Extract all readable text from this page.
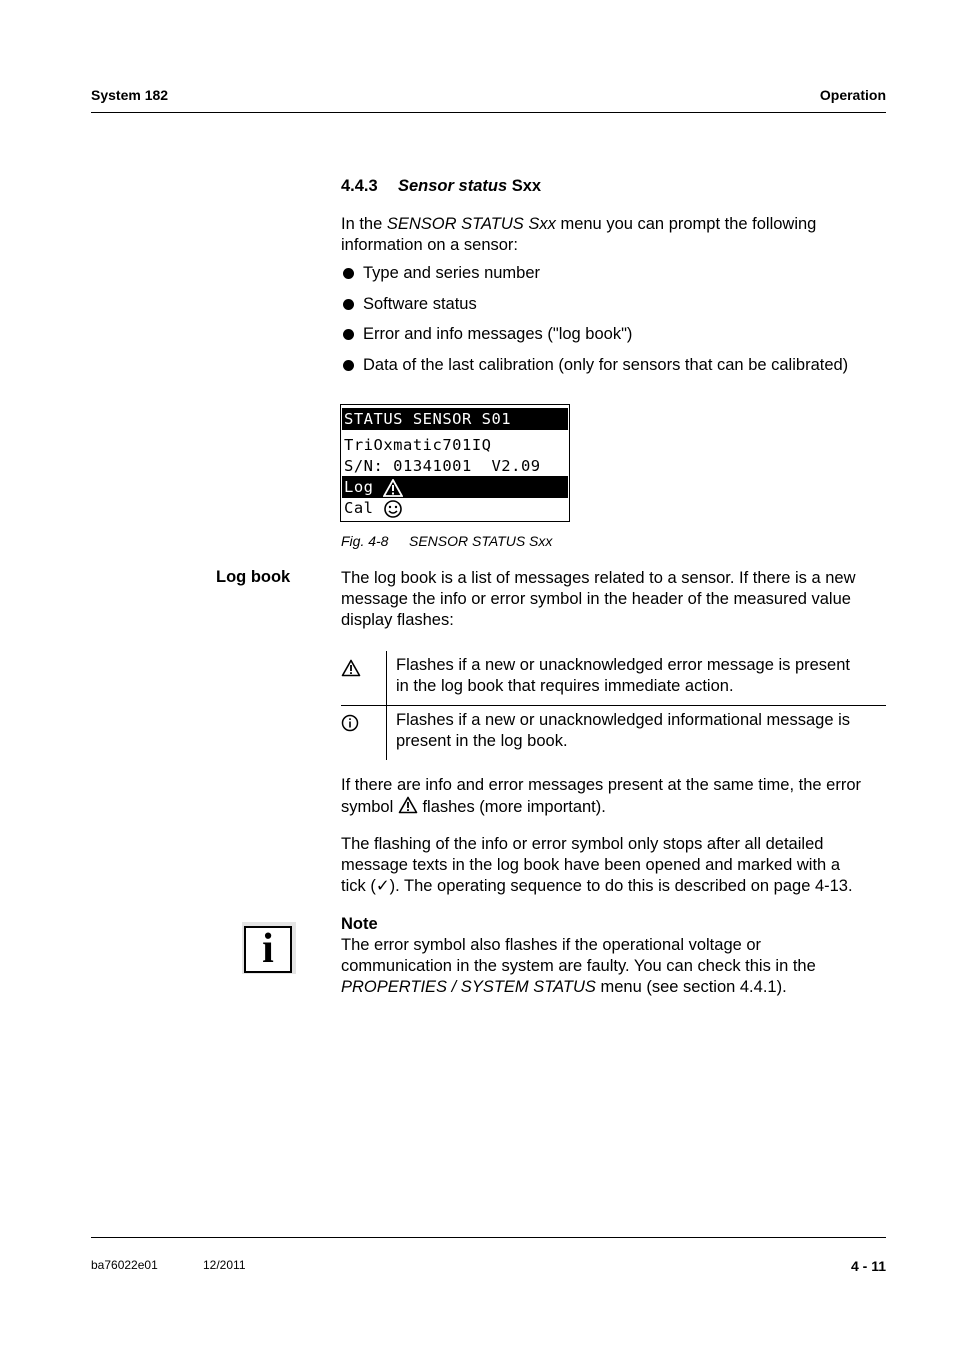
System 182	Operation
4.4.3 Sensor status Sxx
In the SENSOR STATUS Sxx menu you can prompt the following
information on a sensor:
Type and series number
Software status
Error and info messages ("log book")
Data of the last calibration (only for sensors that can be calibrated)
STATUS SENSOR S01
TriOxmatic701IQ
S/N: 01341001  V2.09
Log
Cal
Fig. 4-8 SENSOR STATUS Sxx
Log book	The log book is a list of messages related to a sensor. If there is a new
message the info or error symbol in the header of the measured value
display flashes:

Flashes if a new or unacknowledged error message is present
in the log book that requires immediate action.

Flashes if a new or unacknowledged informational message is
present in the log book.
If there are info and error messages present at the same time, the error
symbol  flashes (more important).
The flashing of the info or error symbol only stops after all detailed
message texts in the log book have been opened and marked with a
tick (✓). The operating sequence to do this is described on page 4-13.
i
Note
The error symbol also flashes if the operational voltage or
communication in the system are faulty. You can check this in the
PROPERTIES / SYSTEM STATUS menu (see section 4.4.1).
ba76022e01	12/2011	4 - 11
